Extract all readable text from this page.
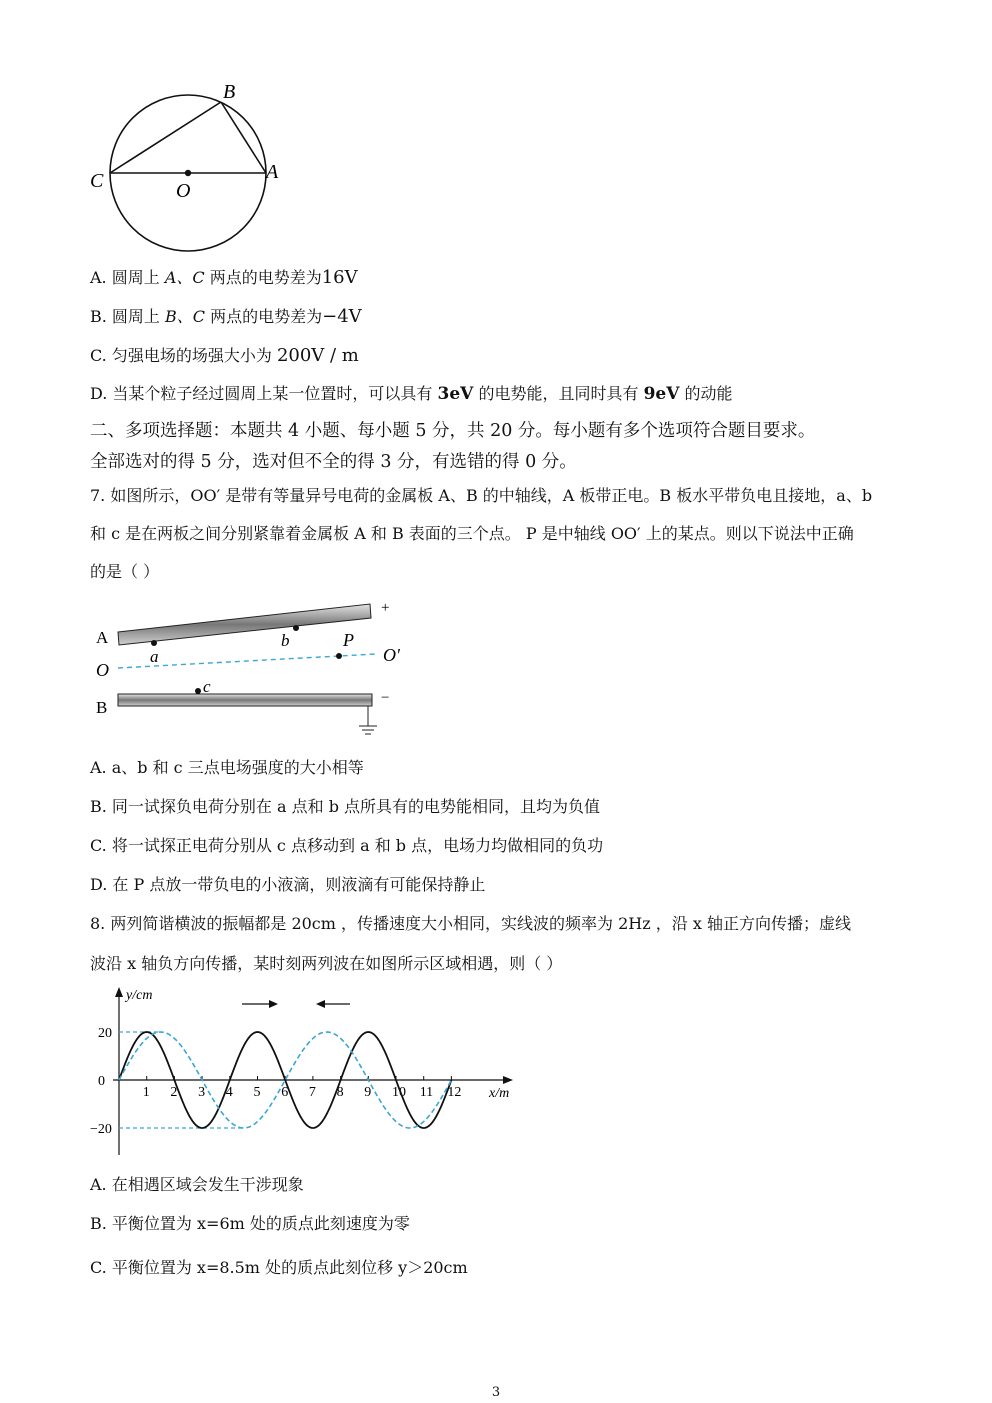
B
C	O
A
A. 圆周上 A、C 两点的电势差为16V
B. 圆周上 B、C 两点的电势差为−4V
C. 匀强电场的场强大小为 200V / m
D. 当某个粒子经过圆周上某一位置时，可以具有 3eV 的电势能，且同时具有 9eV 的动能
二、多项选择题：本题共 4 小题、每小题 5 分，共 20 分。每小题有多个选项符合题目要求。
全部选对的得 5 分，选对但不全的得 3 分，有选错的得 0 分。
7. 如图所示，OO′ 是带有等量异号电荷的金属板 A、B 的中轴线，A 板带正电。B 板水平带负电且接地，a、b
和 c 是在两板之间分别紧靠着金属板 A 和 B 表面的三个点。 P 是中轴线 OO′ 上的某点。则以下说法中正确
的是（ ）
A
B
O
O′
a
b	P
c
+
−
A. a、b 和 c 三点电场强度的大小相等
B. 同一试探负电荷分别在 a 点和 b 点所具有的电势能相同，且均为负值
C. 将一试探正电荷分别从 c 点移动到 a 和 b 点，电场力均做相同的负功
D. 在 P 点放一带负电的小液滴，则液滴有可能保持静止
8. 两列简谐横波的振幅都是 20cm ，传播速度大小相同，实线波的频率为 2Hz ，沿 x 轴正方向传播；虚线
波沿 x 轴负方向传播，某时刻两列波在如图所示区域相遇，则（ ）
y/cm
x/m
1 2 3 4 5 6 7 8 9 10 11 12
20
0
−20
A. 在相遇区域会发生干涉现象
B. 平衡位置为 x=6m 处的质点此刻速度为零
C. 平衡位置为 x=8.5m 处的质点此刻位移 y＞20cm
3
